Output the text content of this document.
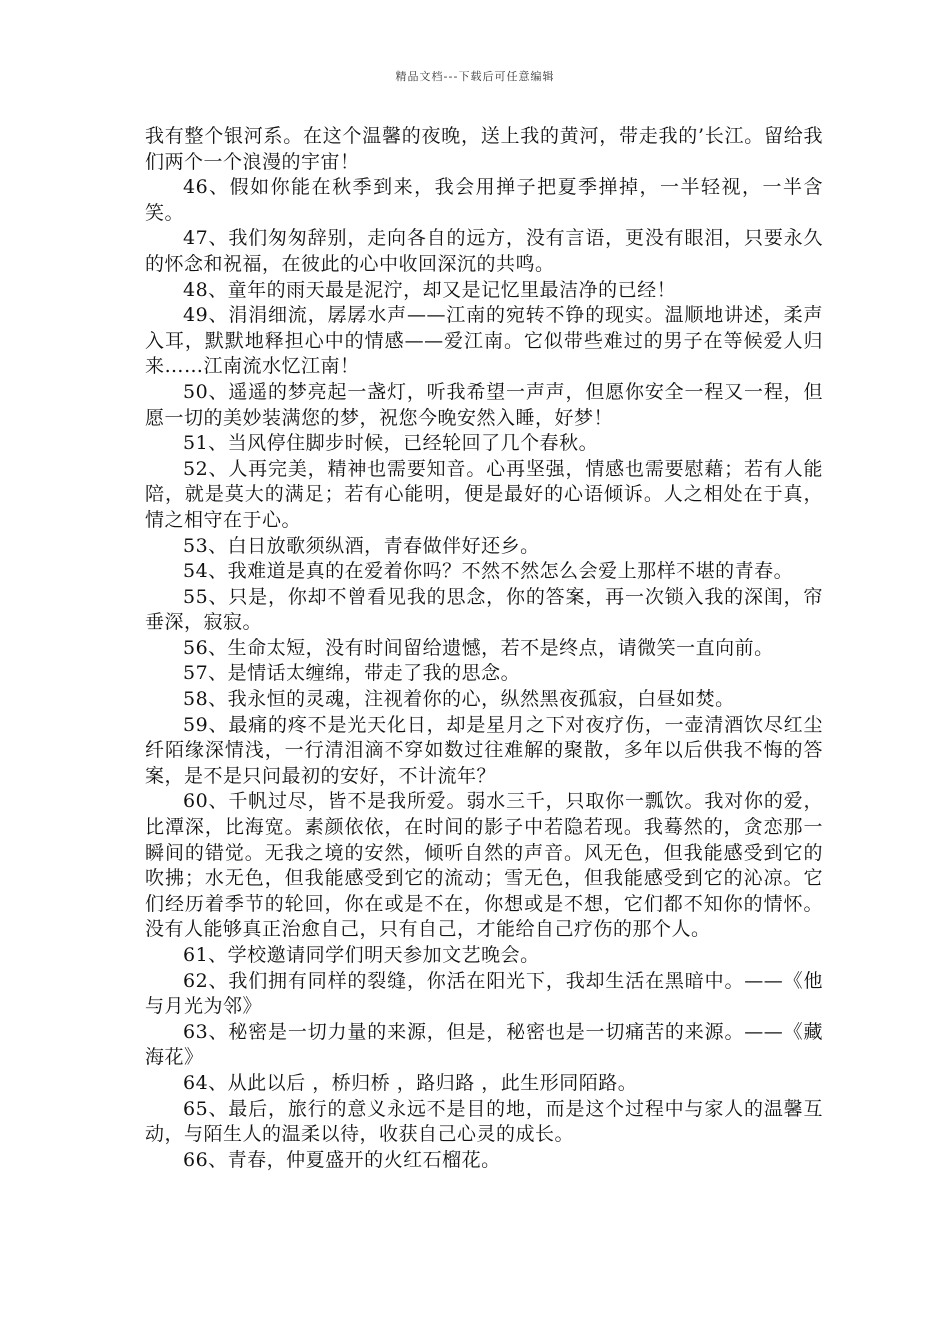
精品文档---下载后可任意编辑

我有整个银河系。在这个温馨的夜晚，送上我的黄河，带走我的’长江。留给我们两个一个浪漫的宇宙！

46、假如你能在秋季到来，我会用掸子把夏季掸掉，一半轻视，一半含笑。

47、我们匆匆辞别，走向各自的远方，没有言语，更没有眼泪，只要永久的怀念和祝福，在彼此的心中收回深沉的共鸣。

48、童年的雨天最是泥泞，却又是记忆里最洁净的已经！

49、涓涓细流，孱孱水声——江南的宛转不铮的现实。温顺地讲述，柔声入耳，默默地释担心中的情感——爱江南。它似带些难过的男子在等候爱人归来……江南流水忆江南！

50、遥遥的梦亮起一盏灯，听我希望一声声，但愿你安全一程又一程，但愿一切的美妙装满您的梦，祝您今晚安然入睡，好梦！

51、当风停住脚步时候，已经轮回了几个春秋。

52、人再完美，精神也需要知音。心再坚强，情感也需要慰藉；若有人能陪，就是莫大的满足；若有心能明，便是最好的心语倾诉。人之相处在于真，情之相守在于心。

53、白日放歌须纵酒，青春做伴好还乡。

54、我难道是真的在爱着你吗？不然不然怎么会爱上那样不堪的青春。

55、只是，你却不曾看见我的思念，你的答案，再一次锁入我的深闺，帘垂深，寂寂。

56、生命太短，没有时间留给遗憾，若不是终点，请微笑一直向前。

57、是情话太缠绵，带走了我的思念。

58、我永恒的灵魂，注视着你的心，纵然黑夜孤寂，白昼如焚。

59、最痛的疼不是光天化日，却是星月之下对夜疗伤，一壶清酒饮尽红尘纤陌缘深情浅，一行清泪滴不穿如数过往难解的聚散，多年以后供我不悔的答案，是不是只问最初的安好，不计流年？

60、千帆过尽，皆不是我所爱。弱水三千，只取你一瓢饮。我对你的爱，比潭深，比海宽。素颜依依，在时间的影子中若隐若现。我蓦然的，贪恋那一瞬间的错觉。无我之境的安然，倾听自然的声音。风无色，但我能感受到它的吹拂；水无色，但我能感受到它的流动；雪无色，但我能感受到它的沁凉。它们经历着季节的轮回，你在或是不在，你想或是不想，它们都不知你的情怀。没有人能够真正治愈自己，只有自己，才能给自己疗伤的那个人。

61、学校邀请同学们明天参加文艺晚会。

62、我们拥有同样的裂缝，你活在阳光下，我却生活在黑暗中。——《他与月光为邻》

63、秘密是一切力量的来源，但是，秘密也是一切痛苦的来源。——《藏海花》

64、从此以后 ，桥归桥 ，路归路 ，此生形同陌路。

65、最后，旅行的意义永远不是目的地，而是这个过程中与家人的温馨互动，与陌生人的温柔以待，收获自己心灵的成长。

66、青春，仲夏盛开的火红石榴花。
